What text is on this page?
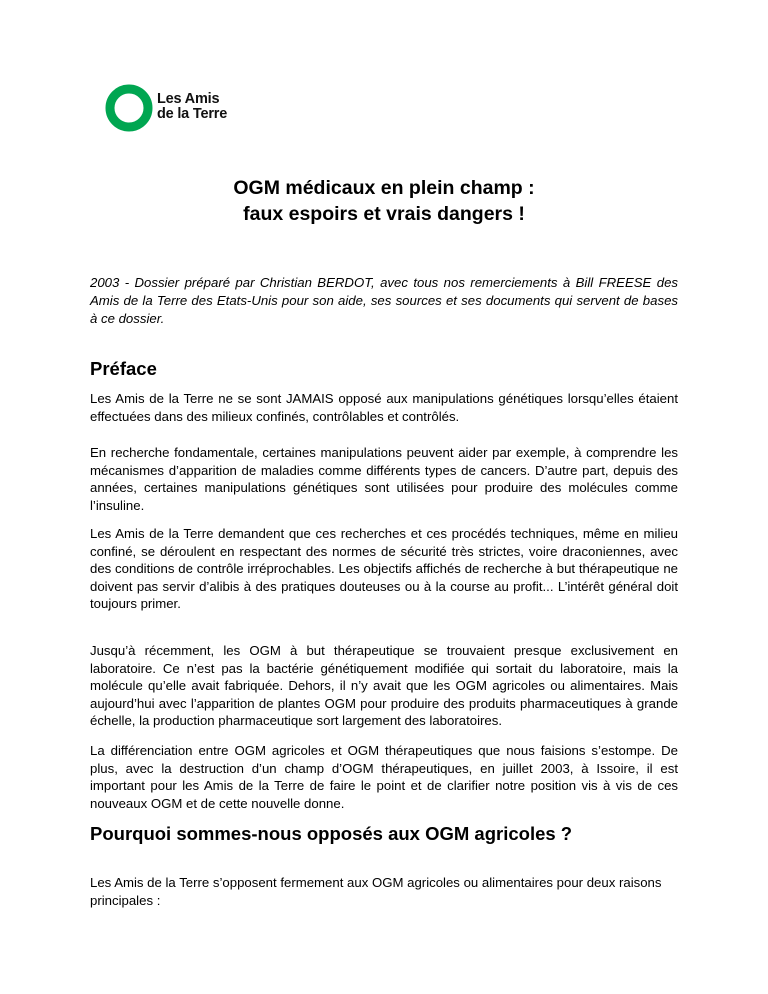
Les Amis
de la Terre
OGM médicaux en plein champ :
faux espoirs et vrais dangers !
2003 - Dossier préparé par Christian BERDOT, avec tous nos remerciements à Bill FREESE des Amis de la Terre des Etats-Unis pour son aide, ses sources et ses documents qui servent de bases à ce dossier.
Préface

Les Amis de la Terre ne se sont JAMAIS opposé aux manipulations génétiques lorsqu’elles étaient effectuées dans des milieux confinés, contrôlables et contrôlés.

En recherche fondamentale, certaines manipulations peuvent aider par exemple, à comprendre les mécanismes d’apparition de maladies comme différents types de cancers. D’autre part, depuis des années, certaines manipulations génétiques sont utilisées pour produire des molécules comme l’insuline.

Les Amis de la Terre demandent que ces recherches et ces procédés techniques, même en milieu confiné, se déroulent en respectant des normes de sécurité très strictes, voire draconiennes, avec des conditions de contrôle irréprochables. Les objectifs affichés de recherche à but thérapeutique ne doivent pas servir d’alibis à des pratiques douteuses ou à la course au profit... L’intérêt général doit toujours primer.

Jusqu’à récemment, les OGM à but thérapeutique se trouvaient presque exclusivement en laboratoire. Ce n’est pas la bactérie génétiquement modifiée qui sortait du laboratoire, mais la molécule qu’elle avait fabriquée. Dehors, il n’y avait que les OGM agricoles ou alimentaires. Mais aujourd’hui avec l’apparition de plantes OGM pour produire des produits pharmaceutiques à grande échelle, la production pharmaceutique sort largement des laboratoires.

La différenciation entre OGM agricoles et OGM thérapeutiques que nous faisions s’estompe. De plus, avec la destruction d’un champ d’OGM thérapeutiques, en juillet 2003, à Issoire, il est important pour les Amis de la Terre de faire le point et de clarifier notre position vis à vis de ces nouveaux OGM et de cette nouvelle donne.

Pourquoi sommes-nous opposés aux OGM agricoles ?

Les Amis de la Terre s’opposent fermement aux OGM agricoles ou alimentaires pour deux raisons principales :
